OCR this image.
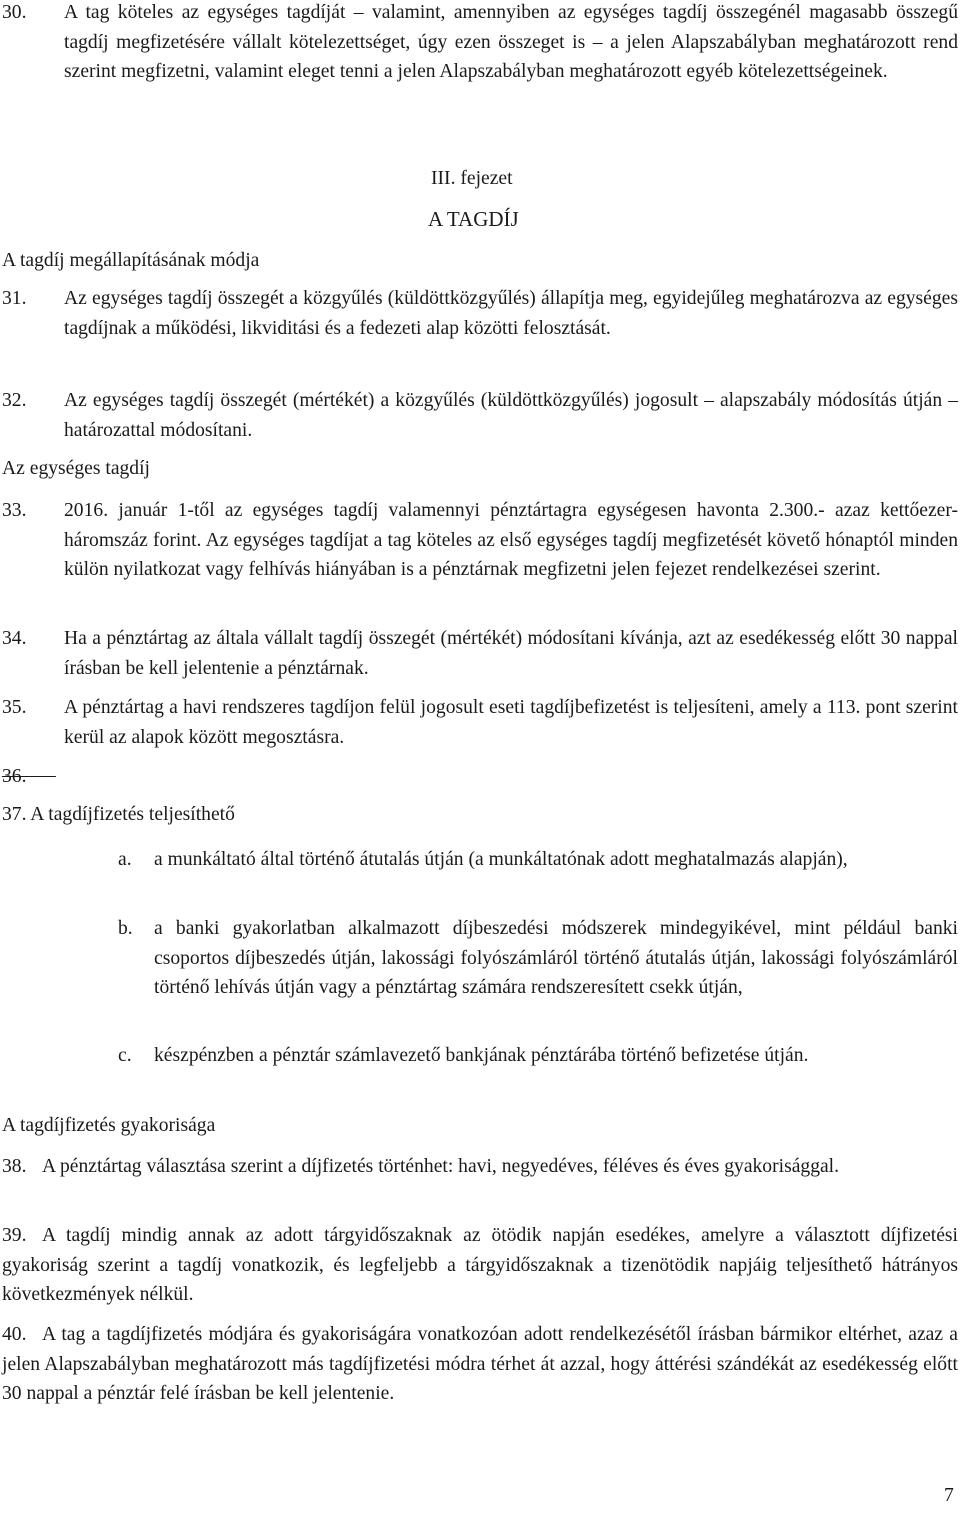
30. A tag köteles az egységes tagdíját – valamint, amennyiben az egységes tagdíj összegénél magasabb összegű tagdíj megfizetésére vállalt kötelezettséget, úgy ezen összeget is – a jelen Alapszabályban meghatározott rend szerint megfizetni, valamint eleget tenni a jelen Alapszabályban meghatározott egyéb kötelezettségeinek.
III. fejezet
A TAGDÍJ
A tagdíj megállapításának módja
31. Az egységes tagdíj összegét a közgyűlés (küldöttközgyűlés) állapítja meg, egyidejűleg meghatározva az egységes tagdíjnak a működési, likviditási és a fedezeti alap közötti felosztását.
32. Az egységes tagdíj összegét (mértékét) a közgyűlés (küldöttközgyűlés) jogosult – alapszabály módosítás útján – határozattal módosítani.
Az egységes tagdíj
33. 2016. január 1-től az egységes tagdíj valamennyi pénztártagra egységesen havonta 2.300.- azaz kettőezer-háromszáz forint. Az egységes tagdíjat a tag köteles az első egységes tagdíj megfizetését követő hónaptól minden külön nyilatkozat vagy felhívás hiányában is a pénztárnak megfizetni jelen fejezet rendelkezései szerint.
34. Ha a pénztártag az általa vállalt tagdíj összegét (mértékét) módosítani kívánja, azt az esedékesség előtt 30 nappal írásban be kell jelentenie a pénztárnak.
35. A pénztártag a havi rendszeres tagdíjon felül jogosult eseti tagdíjbefizetést is teljesíteni, amely a 113. pont szerint kerül az alapok között megosztásra.
36.
37. A tagdíjfizetés teljesíthető
a. a munkáltató által történő átutalás útján (a munkáltatónak adott meghatalmazás alapján),
b. a banki gyakorlatban alkalmazott díjbeszedési módszerek mindegyikével, mint például banki csoportos díjbeszedés útján, lakossági folyószámláról történő átutalás útján, lakossági folyószámláról történő lehívás útján vagy a pénztártag számára rendszeresített csekk útján,
c. készpénzben a pénztár számlavezető bankjának pénztárába történő befizetése útján.
A tagdíjfizetés gyakorisága
38. A pénztártag választása szerint a díjfizetés történhet: havi, negyedéves, féléves és éves gyakorisággal.
39. A tagdíj mindig annak az adott tárgyidőszaknak az ötödik napján esedékes, amelyre a választott díjfizetési gyakoriság szerint a tagdíj vonatkozik, és legfeljebb a tárgyidőszaknak a tizenötödik napjáig teljesíthető hátrányos következmények nélkül.
40. A tag a tagdíjfizetés módjára és gyakoriságára vonatkozóan adott rendelkezésétől írásban bármikor eltérhet, azaz a jelen Alapszabályban meghatározott más tagdíjfizetési módra térhet át azzal, hogy áttérési szándékát az esedékesség előtt 30 nappal a pénztár felé írásban be kell jelentenie.
7
